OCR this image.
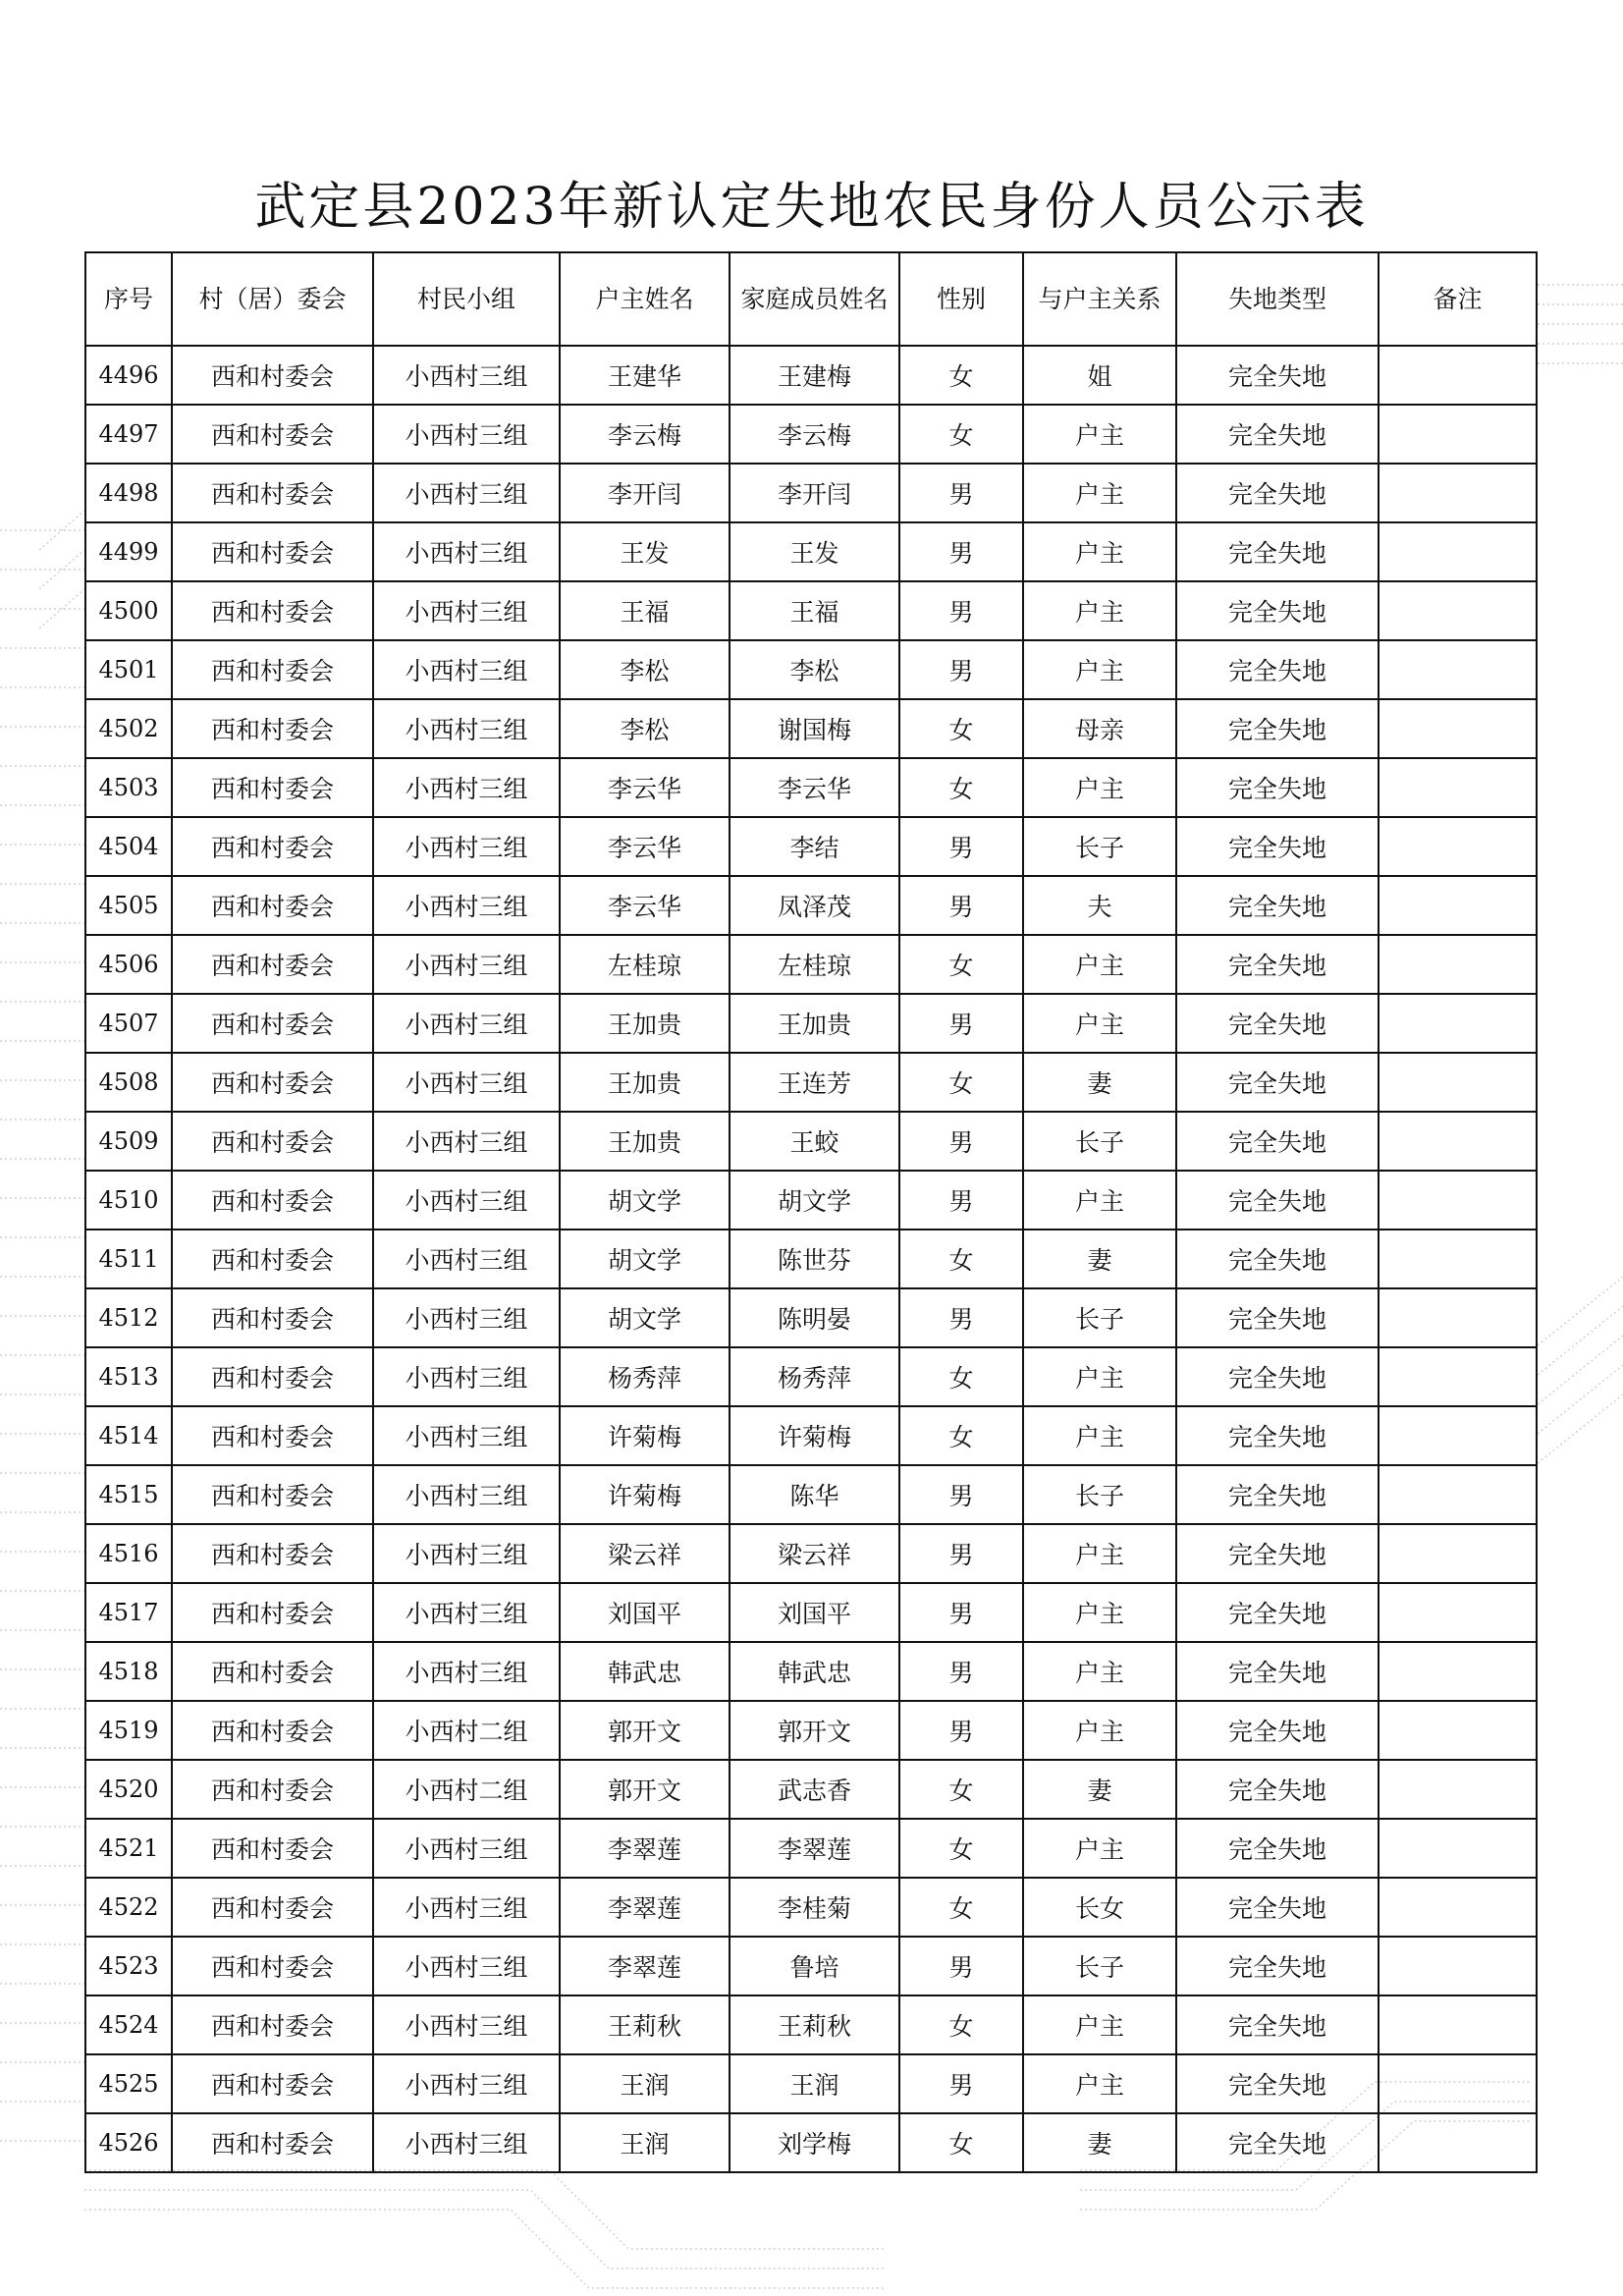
武定县2023年新认定失地农民身份人员公示表
序号	村（居）委会	村民小组	户主姓名	家庭成员姓名	性别	与户主关系	失地类型	备注
4496	西和村委会	小西村三组	王建华	王建梅	女	姐	完全失地	
4497	西和村委会	小西村三组	李云梅	李云梅	女	户主	完全失地	
4498	西和村委会	小西村三组	李开闫	李开闫	男	户主	完全失地	
4499	西和村委会	小西村三组	王发	王发	男	户主	完全失地	
4500	西和村委会	小西村三组	王福	王福	男	户主	完全失地	
4501	西和村委会	小西村三组	李松	李松	男	户主	完全失地	
4502	西和村委会	小西村三组	李松	谢国梅	女	母亲	完全失地	
4503	西和村委会	小西村三组	李云华	李云华	女	户主	完全失地	
4504	西和村委会	小西村三组	李云华	李结	男	长子	完全失地	
4505	西和村委会	小西村三组	李云华	凤泽茂	男	夫	完全失地	
4506	西和村委会	小西村三组	左桂琼	左桂琼	女	户主	完全失地	
4507	西和村委会	小西村三组	王加贵	王加贵	男	户主	完全失地	
4508	西和村委会	小西村三组	王加贵	王连芳	女	妻	完全失地	
4509	西和村委会	小西村三组	王加贵	王蛟	男	长子	完全失地	
4510	西和村委会	小西村三组	胡文学	胡文学	男	户主	完全失地	
4511	西和村委会	小西村三组	胡文学	陈世芬	女	妻	完全失地	
4512	西和村委会	小西村三组	胡文学	陈明晏	男	长子	完全失地	
4513	西和村委会	小西村三组	杨秀萍	杨秀萍	女	户主	完全失地	
4514	西和村委会	小西村三组	许菊梅	许菊梅	女	户主	完全失地	
4515	西和村委会	小西村三组	许菊梅	陈华	男	长子	完全失地	
4516	西和村委会	小西村三组	梁云祥	梁云祥	男	户主	完全失地	
4517	西和村委会	小西村三组	刘国平	刘国平	男	户主	完全失地	
4518	西和村委会	小西村三组	韩武忠	韩武忠	男	户主	完全失地	
4519	西和村委会	小西村二组	郭开文	郭开文	男	户主	完全失地	
4520	西和村委会	小西村二组	郭开文	武志香	女	妻	完全失地	
4521	西和村委会	小西村三组	李翠莲	李翠莲	女	户主	完全失地	
4522	西和村委会	小西村三组	李翠莲	李桂菊	女	长女	完全失地	
4523	西和村委会	小西村三组	李翠莲	鲁培	男	长子	完全失地	
4524	西和村委会	小西村三组	王莉秋	王莉秋	女	户主	完全失地	
4525	西和村委会	小西村三组	王润	王润	男	户主	完全失地	
4526	西和村委会	小西村三组	王润	刘学梅	女	妻	完全失地	
